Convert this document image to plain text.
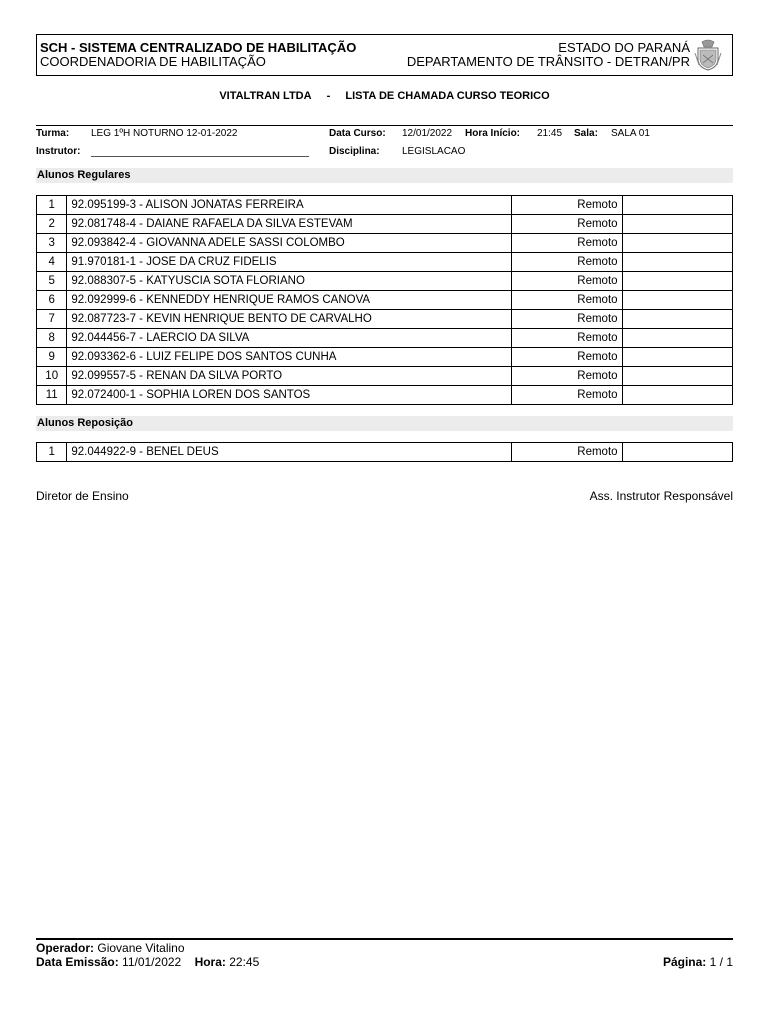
SCH - SISTEMA CENTRALIZADO DE HABILITAÇÃO
COORDENADORIA DE HABILITAÇÃO
ESTADO DO PARANÁ
DEPARTAMENTO DE TRÂNSITO - DETRAN/PR
VITALTRAN LTDA - LISTA DE CHAMADA CURSO TEORICO
Turma: LEG 1ºH NOTURNO 12-01-2022	Data Curso: 12/01/2022 Hora Início: 21:45 Sala: SALA 01
Instrutor:	Disciplina: LEGISLACAO
Alunos Regulares
1	92.095199-3 - ALISON JONATAS FERREIRA	Remoto	
2	92.081748-4 - DAIANE RAFAELA DA SILVA ESTEVAM	Remoto	
3	92.093842-4 - GIOVANNA ADELE SASSI COLOMBO	Remoto	
4	91.970181-1 - JOSE DA CRUZ FIDELIS	Remoto	
5	92.088307-5 - KATYUSCIA SOTA FLORIANO	Remoto	
6	92.092999-6 - KENNEDDY HENRIQUE RAMOS CANOVA	Remoto	
7	92.087723-7 - KEVIN HENRIQUE BENTO DE CARVALHO	Remoto	
8	92.044456-7 - LAERCIO DA SILVA	Remoto	
9	92.093362-6 - LUIZ FELIPE DOS SANTOS CUNHA	Remoto	
10	92.099557-5 - RENAN DA SILVA PORTO	Remoto	
11	92.072400-1 - SOPHIA LOREN DOS SANTOS	Remoto	
Alunos Reposição
1	92.044922-9 - BENEL DEUS	Remoto	
Diretor de Ensino	Ass. Instrutor Responsável
Operador: Giovane Vitalino
Data Emissão: 11/01/2022 Hora: 22:45	Página: 1 / 1
